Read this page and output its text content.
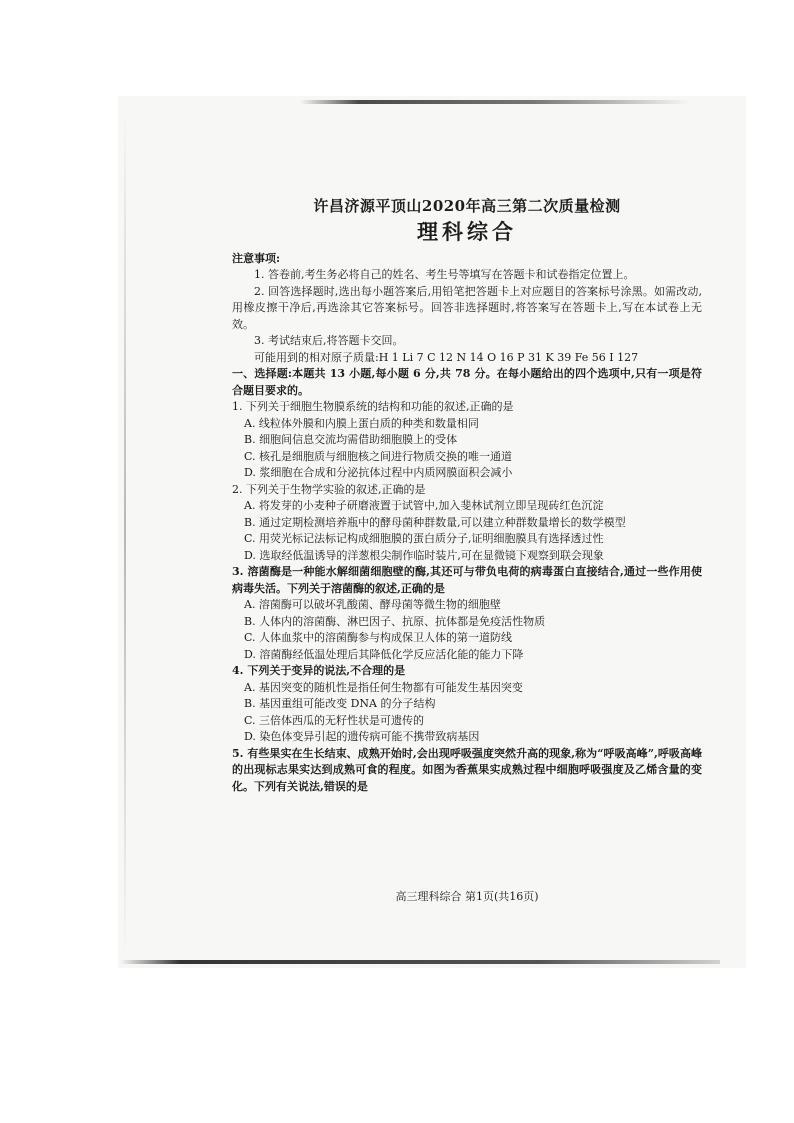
许昌济源平顶山2020年高三第二次质量检测
理科综合
注意事项:

1. 答卷前,考生务必将自己的姓名、考生号等填写在答题卡和试卷指定位置上。

2. 回答选择题时,选出每小题答案后,用铅笔把答题卡上对应题目的答案标号涂黑。如需改动,用橡皮擦干净后,再选涂其它答案标号。回答非选择题时,将答案写在答题卡上,写在本试卷上无效。

3. 考试结束后,将答题卡交回。

可能用到的相对原子质量:H 1 Li 7 C 12 N 14 O 16 P 31 K 39 Fe 56 I 127

一、选择题:本题共 13 小题,每小题 6 分,共 78 分。在每小题给出的四个选项中,只有一项是符合题目要求的。

1. 下列关于细胞生物膜系统的结构和功能的叙述,正确的是

A. 线粒体外膜和内膜上蛋白质的种类和数量相同

B. 细胞间信息交流均需借助细胞膜上的受体

C. 核孔是细胞质与细胞核之间进行物质交换的唯一通道

D. 浆细胞在合成和分泌抗体过程中内质网膜面积会减小

2. 下列关于生物学实验的叙述,正确的是

A. 将发芽的小麦种子研磨液置于试管中,加入斐林试剂立即呈现砖红色沉淀

B. 通过定期检测培养瓶中的酵母菌种群数量,可以建立种群数量增长的数学模型

C. 用荧光标记法标记构成细胞膜的蛋白质分子,证明细胞膜具有选择透过性

D. 选取经低温诱导的洋葱根尖制作临时装片,可在显微镜下观察到联会现象

3. 溶菌酶是一种能水解细菌细胞壁的酶,其还可与带负电荷的病毒蛋白直接结合,通过一些作用使病毒失活。下列关于溶菌酶的叙述,正确的是

A. 溶菌酶可以破坏乳酸菌、酵母菌等微生物的细胞壁

B. 人体内的溶菌酶、淋巴因子、抗原、抗体都是免疫活性物质

C. 人体血浆中的溶菌酶参与构成保卫人体的第一道防线

D. 溶菌酶经低温处理后其降低化学反应活化能的能力下降

4. 下列关于变异的说法,不合理的是

A. 基因突变的随机性是指任何生物都有可能发生基因突变

B. 基因重组可能改变 DNA 的分子结构

C. 三倍体西瓜的无籽性状是可遗传的

D. 染色体变异引起的遗传病可能不携带致病基因

5. 有些果实在生长结束、成熟开始时,会出现呼吸强度突然升高的现象,称为“呼吸高峰”,呼吸高峰的出现标志果实达到成熟可食的程度。如图为香蕉果实成熟过程中细胞呼吸强度及乙烯含量的变化。下列有关说法,错误的是

高三理科综合 第1页(共16页)
